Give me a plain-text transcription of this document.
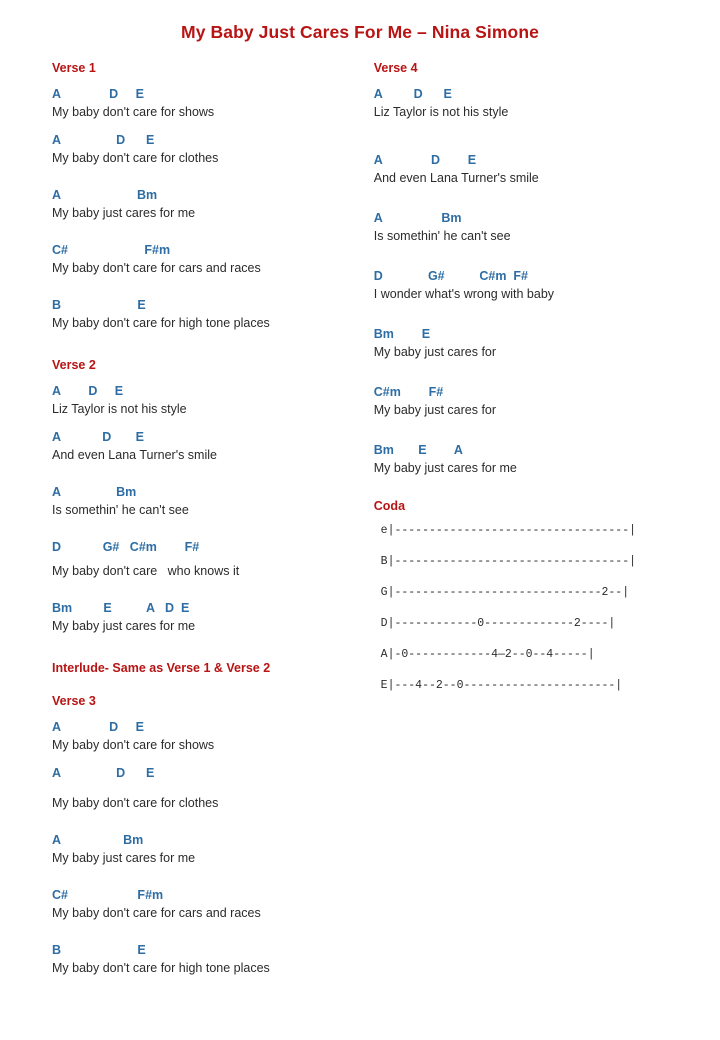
My Baby Just Cares For Me – Nina Simone
Verse 1
A              D     E
My baby don't care for shows
A                D      E
My baby don't care for clothes
A                      Bm
My baby just cares for me
C#                      F#m
My baby don't care for cars and races
B                      E
My baby don't care for high tone places
Verse 2
A        D     E
Liz Taylor is not his style
A            D       E
And even Lana Turner's smile
A                Bm
Is somethin' he can't see
D            G#   C#m        F#
My baby don't care   who knows it
Bm         E          A   D  E
My baby just cares for me
Interlude- Same as Verse 1 & Verse 2
Verse 3
A              D     E
My baby don't care for shows
A                D      E
My baby don't care for clothes
A                  Bm
My baby just cares for me
C#                    F#m
My baby don't care for cars and races
B                      E
My baby don't care for high tone places
Verse 4
A         D      E
Liz Taylor is not his style
A              D        E
And even Lana Turner's smile
A                 Bm
Is somethin' he can't see
D             G#          C#m  F#
I wonder what's wrong with baby
Bm        E
My baby just cares for
C#m        F#
My baby just cares for
Bm       E        A
My baby just cares for me
Coda
e|----------------------------------|
B|----------------------------------|
G|------------------------------2--|
D|------------0-------------2----|
A|-0------------4—2--0--4-----|
E|---4--2--0----------------------|
